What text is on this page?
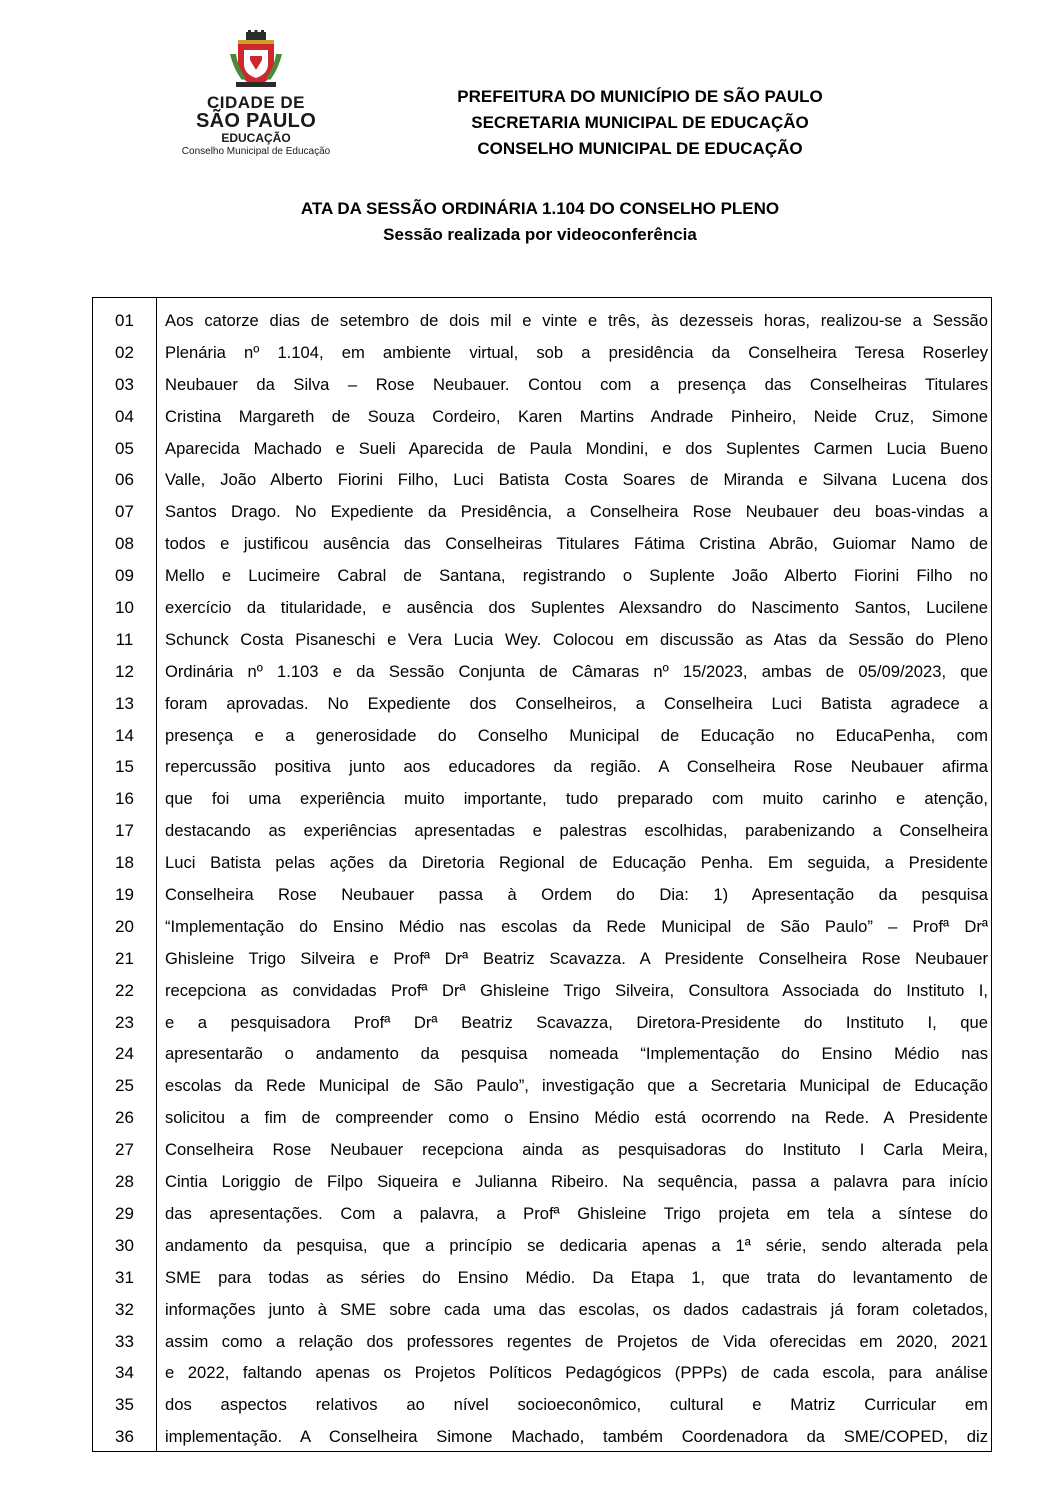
CIDADE DE
SÃO PAULO
EDUCAÇÃO
Conselho Municipal de Educação
PREFEITURA DO MUNICÍPIO DE SÃO PAULO
SECRETARIA MUNICIPAL DE EDUCAÇÃO
CONSELHO MUNICIPAL DE EDUCAÇÃO
ATA DA SESSÃO ORDINÁRIA 1.104 DO CONSELHO PLENO
Sessão realizada por videoconferência
01
02
03
04
05
06
07
08
09
10
11
12
13
14
15
16
17
18
19
20
21
22
23
24
25
26
27
28
29
30
31
32
33
34
35
36
Aos catorze dias de setembro de dois mil e vinte e três, às dezesseis horas, realizou-se a Sessão
Plenária nº 1.104, em ambiente virtual, sob a presidência da Conselheira Teresa Roserley
Neubauer da Silva – Rose Neubauer. Contou com a presença das Conselheiras Titulares
Cristina Margareth de Souza Cordeiro, Karen Martins Andrade Pinheiro, Neide Cruz, Simone
Aparecida Machado e Sueli Aparecida de Paula Mondini, e dos Suplentes Carmen Lucia Bueno
Valle, João Alberto Fiorini Filho, Luci Batista Costa Soares de Miranda e Silvana Lucena dos
Santos Drago. No Expediente da Presidência, a Conselheira Rose Neubauer deu boas-vindas a
todos e justificou ausência das Conselheiras Titulares Fátima Cristina Abrão, Guiomar Namo de
Mello e Lucimeire Cabral de Santana, registrando o Suplente João Alberto Fiorini Filho no
exercício da titularidade, e ausência dos Suplentes Alexsandro do Nascimento Santos, Lucilene
Schunck Costa Pisaneschi e Vera Lucia Wey. Colocou em discussão as Atas da Sessão do Pleno
Ordinária nº 1.103 e da Sessão Conjunta de Câmaras nº 15/2023, ambas de 05/09/2023, que
foram aprovadas. No Expediente dos Conselheiros, a Conselheira Luci Batista agradece a
presença e a generosidade do Conselho Municipal de Educação no EducaPenha, com
repercussão positiva junto aos educadores da região. A Conselheira Rose Neubauer afirma
que foi uma experiência muito importante, tudo preparado com muito carinho e atenção,
destacando as experiências apresentadas e palestras escolhidas, parabenizando a Conselheira
Luci Batista pelas ações da Diretoria Regional de Educação Penha. Em seguida, a Presidente
Conselheira Rose Neubauer passa à Ordem do Dia: 1) Apresentação da pesquisa
“Implementação do Ensino Médio nas escolas da Rede Municipal de São Paulo” – Profª Drª
Ghisleine Trigo Silveira e Profª Drª Beatriz Scavazza. A Presidente Conselheira Rose Neubauer
recepciona as convidadas Profª Drª Ghisleine Trigo Silveira, Consultora Associada do Instituto I,
e a pesquisadora Profª Drª Beatriz Scavazza, Diretora-Presidente do Instituto I, que
apresentarão o andamento da pesquisa nomeada “Implementação do Ensino Médio nas
escolas da Rede Municipal de São Paulo”, investigação que a Secretaria Municipal de Educação
solicitou a fim de compreender como o Ensino Médio está ocorrendo na Rede. A Presidente
Conselheira Rose Neubauer recepciona ainda as pesquisadoras do Instituto I Carla Meira,
Cintia Loriggio de Filpo Siqueira e Julianna Ribeiro. Na sequência, passa a palavra para início
das apresentações. Com a palavra, a Profª Ghisleine Trigo projeta em tela a síntese do
andamento da pesquisa, que a princípio se dedicaria apenas a 1ª série, sendo alterada pela
SME para todas as séries do Ensino Médio. Da Etapa 1, que trata do levantamento de
informações junto à SME sobre cada uma das escolas, os dados cadastrais já foram coletados,
assim como a relação dos professores regentes de Projetos de Vida oferecidas em 2020, 2021
e 2022, faltando apenas os Projetos Políticos Pedagógicos (PPPs) de cada escola, para análise
dos aspectos relativos ao nível socioeconômico, cultural e Matriz Curricular em
implementação. A Conselheira Simone Machado, também Coordenadora da SME/COPED, diz
